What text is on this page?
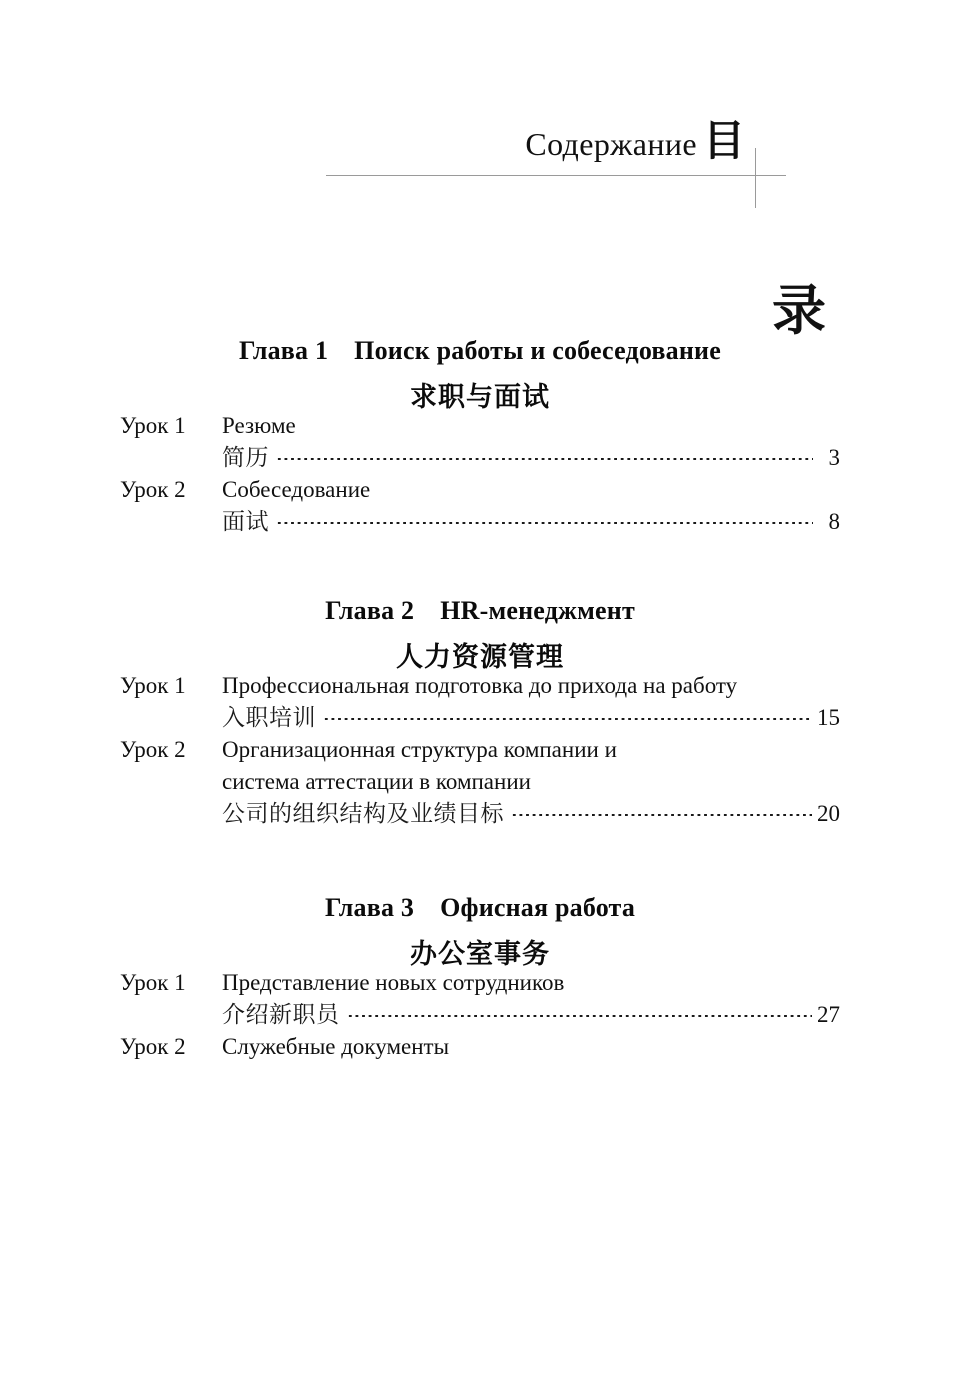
Содержание 目
录
Глава 1 Поиск работы и собеседование
求职与面试
Урок 1	Резюме
简历	3
Урок 2	Собеседование
面试	8
Глава 2 HR-менеджмент
人力资源管理
Урок 1	Профессиональная подготовка до прихода на работу
入职培训	15
Урок 2	Организационная структура компании и
система аттестации в компании
公司的组织结构及业绩目标	20
Глава 3 Офисная работа
办公室事务
Урок 1	Представление новых сотрудников
介绍新职员	27
Урок 2	Служебные документы
